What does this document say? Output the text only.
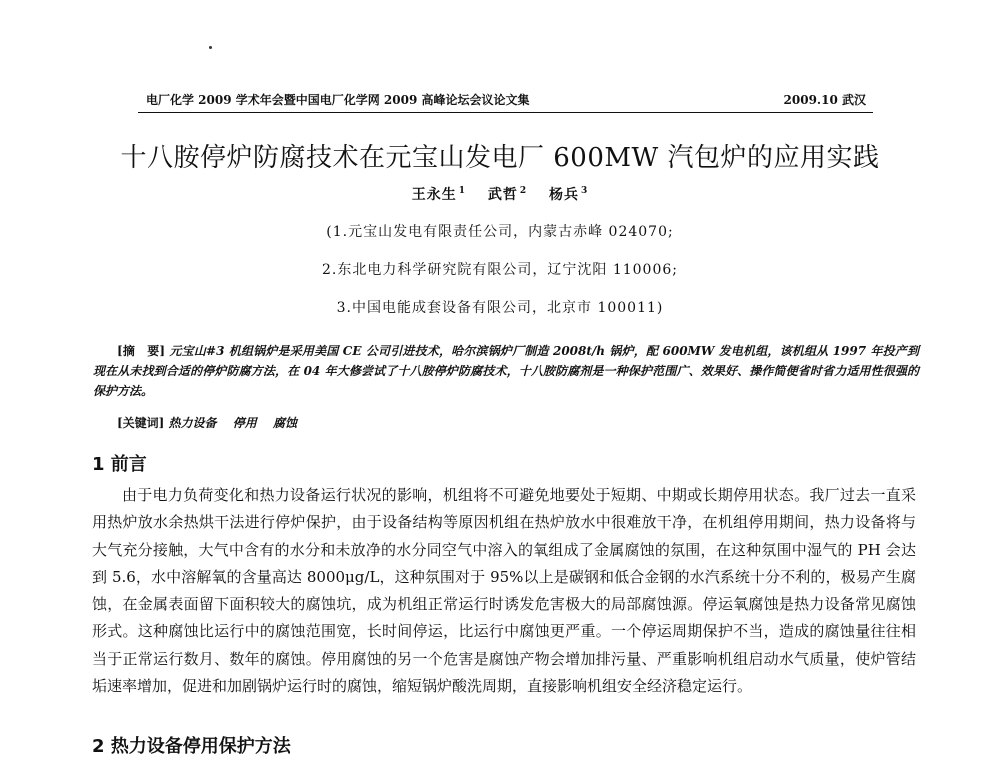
电厂化学 2009 学术年会暨中国电厂化学网 2009 高峰论坛会议论文集	2009.10 武汉
十八胺停炉防腐技术在元宝山发电厂 600MW 汽包炉的应用实践
王永生 $^1$ 武哲 $^2$ 杨兵 $^3$
(1.元宝山发电有限责任公司，内蒙古赤峰 024070;
2.东北电力科学研究院有限公司，辽宁沈阳 110006;
3.中国电能成套设备有限公司，北京市 100011)

[摘　要] 元宝山#3 机组锅炉是采用美国 CE 公司引进技术，哈尔滨锅炉厂制造 2008t/h 锅炉，配 600MW 发电机组，该机组从 1997 年投产到现在从未找到合适的停炉防腐方法，在 04 年大修尝试了十八胺停炉防腐技术，十八胺防腐剂是一种保护范围广、效果好、操作简便省时省力适用性很强的保护方法。

[关键词] 热力设备 停用 腐蚀
1 前言

由于电力负荷变化和热力设备运行状况的影响，机组将不可避免地要处于短期、中期或长期停用状态。我厂过去一直采用热炉放水余热烘干法进行停炉保护，由于设备结构等原因机组在热炉放水中很难放干净，在机组停用期间，热力设备将与大气充分接触，大气中含有的水分和未放净的水分同空气中溶入的氧组成了金属腐蚀的氛围，在这种氛围中湿气的 PH 会达到 5.6，水中溶解氧的含量高达 8000μg/L，这种氛围对于 95%以上是碳钢和低合金钢的水汽系统十分不利的，极易产生腐蚀，在金属表面留下面积较大的腐蚀坑，成为机组正常运行时诱发危害极大的局部腐蚀源。停运氧腐蚀是热力设备常见腐蚀形式。这种腐蚀比运行中的腐蚀范围宽，长时间停运，比运行中腐蚀更严重。一个停运周期保护不当，造成的腐蚀量往往相当于正常运行数月、数年的腐蚀。停用腐蚀的另一个危害是腐蚀产物会增加排污量、严重影响机组启动水气质量，使炉管结垢速率增加，促进和加剧锅炉运行时的腐蚀，缩短锅炉酸洗周期，直接影响机组安全经济稳定运行。

2 热力设备停用保护方法
